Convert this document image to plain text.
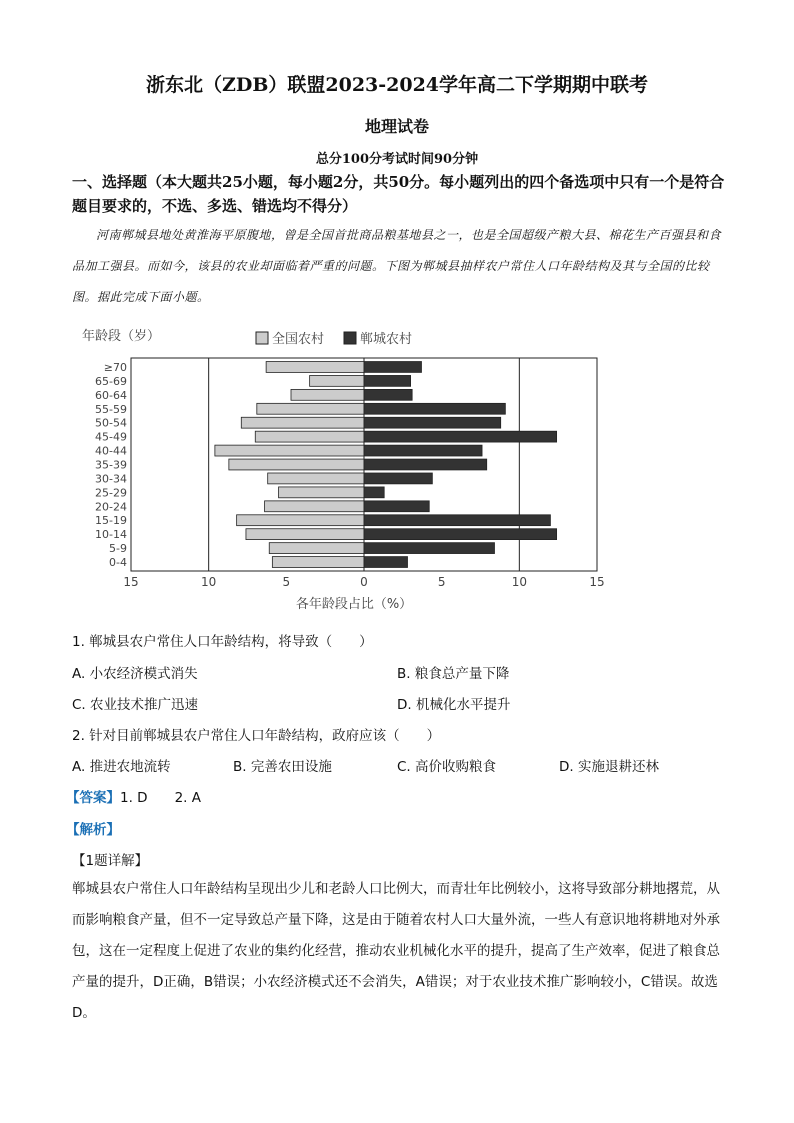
浙东北（ZDB）联盟2023-2024学年高二下学期期中联考
地理试卷
总分100分考试时间90分钟
一、选择题（本大题共25小题，每小题2分，共50分。每小题列出的四个备选项中只有一个是符合题目要求的，不选、多选、错选均不得分）
河南郸城县地处黄淮海平原腹地，曾是全国首批商品粮基地县之一，也是全国超级产粮大县、棉花生产百强县和食品加工强县。而如今，该县的农业却面临着严重的问题。下图为郸城县抽样农户常住人口年龄结构及其与全国的比较图。据此完成下面小题。
年龄段（岁）	全国农村	郸城农村
≥70
65-69
60-64
55-59
50-54
45-49
40-44
35-39
30-34
25-29
20-24
15-19
10-14
5-9
0-4
15	10	5	0	5	10	15
各年龄段占比（%）
1. 郸城县农户常住人口年龄结构，将导致（　　）
A. 小农经济模式消失	B. 粮食总产量下降
C. 农业技术推广迅速	D. 机械化水平提升
2. 针对目前郸城县农户常住人口年龄结构，政府应该（　　）
A. 推进农地流转	B. 完善农田设施	C. 高价收购粮食	D. 实施退耕还林
【答案】1. D　　2. A
【解析】
【1题详解】
郸城县农户常住人口年龄结构呈现出少儿和老龄人口比例大，而青壮年比例较小，这将导致部分耕地撂荒，从而影响粮食产量，但不一定导致总产量下降，这是由于随着农村人口大量外流，一些人有意识地将耕地对外承包，这在一定程度上促进了农业的集约化经营，推动农业机械化水平的提升，提高了生产效率，促进了粮食总产量的提升，D正确，B错误；小农经济模式还不会消失，A错误；对于农业技术推广影响较小，C错误。故选D。
